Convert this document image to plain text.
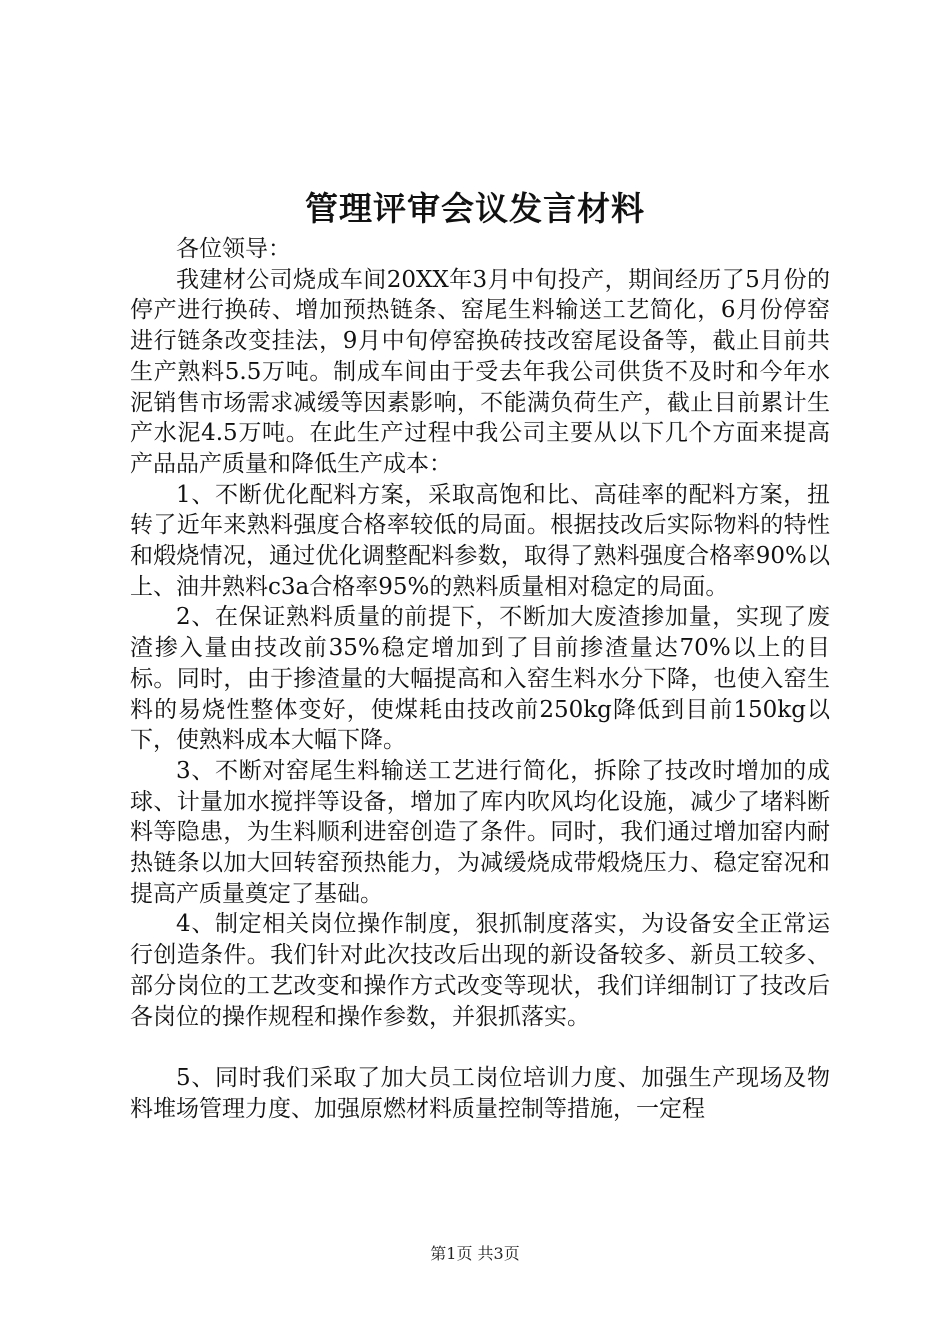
管理评审会议发言材料

各位领导：

我建材公司烧成车间20XX年3月中旬投产，期间经历了5月份的停产进行换砖、增加预热链条、窑尾生料输送工艺简化，6月份停窑进行链条改变挂法，9月中旬停窑换砖技改窑尾设备等，截止目前共生产熟料5.5万吨。制成车间由于受去年我公司供货不及时和今年水泥销售市场需求减缓等因素影响，不能满负荷生产，截止目前累计生产水泥4.5万吨。在此生产过程中我公司主要从以下几个方面来提高产品品产质量和降低生产成本：

1、不断优化配料方案，采取高饱和比、高硅率的配料方案，扭转了近年来熟料强度合格率较低的局面。根据技改后实际物料的特性和煅烧情况，通过优化调整配料参数，取得了熟料强度合格率90%以上、油井熟料c3a合格率95%的熟料质量相对稳定的局面。

2、在保证熟料质量的前提下，不断加大废渣掺加量，实现了废渣掺入量由技改前35%稳定增加到了目前掺渣量达70%以上的目标。同时，由于掺渣量的大幅提高和入窑生料水分下降，也使入窑生料的易烧性整体变好，使煤耗由技改前250kg降低到目前150kg以下，使熟料成本大幅下降。

3、不断对窑尾生料输送工艺进行简化，拆除了技改时增加的成球、计量加水搅拌等设备，增加了库内吹风均化设施，减少了堵料断料等隐患，为生料顺利进窑创造了条件。同时，我们通过增加窑内耐热链条以加大回转窑预热能力，为减缓烧成带煅烧压力、稳定窑况和提高产质量奠定了基础。

4、制定相关岗位操作制度，狠抓制度落实，为设备安全正常运行创造条件。我们针对此次技改后出现的新设备较多、新员工较多、部分岗位的工艺改变和操作方式改变等现状，我们详细制订了技改后各岗位的操作规程和操作参数，并狠抓落实。

5、同时我们采取了加大员工岗位培训力度、加强生产现场及物料堆场管理力度、加强原燃材料质量控制等措施，一定程

第1页 共3页
